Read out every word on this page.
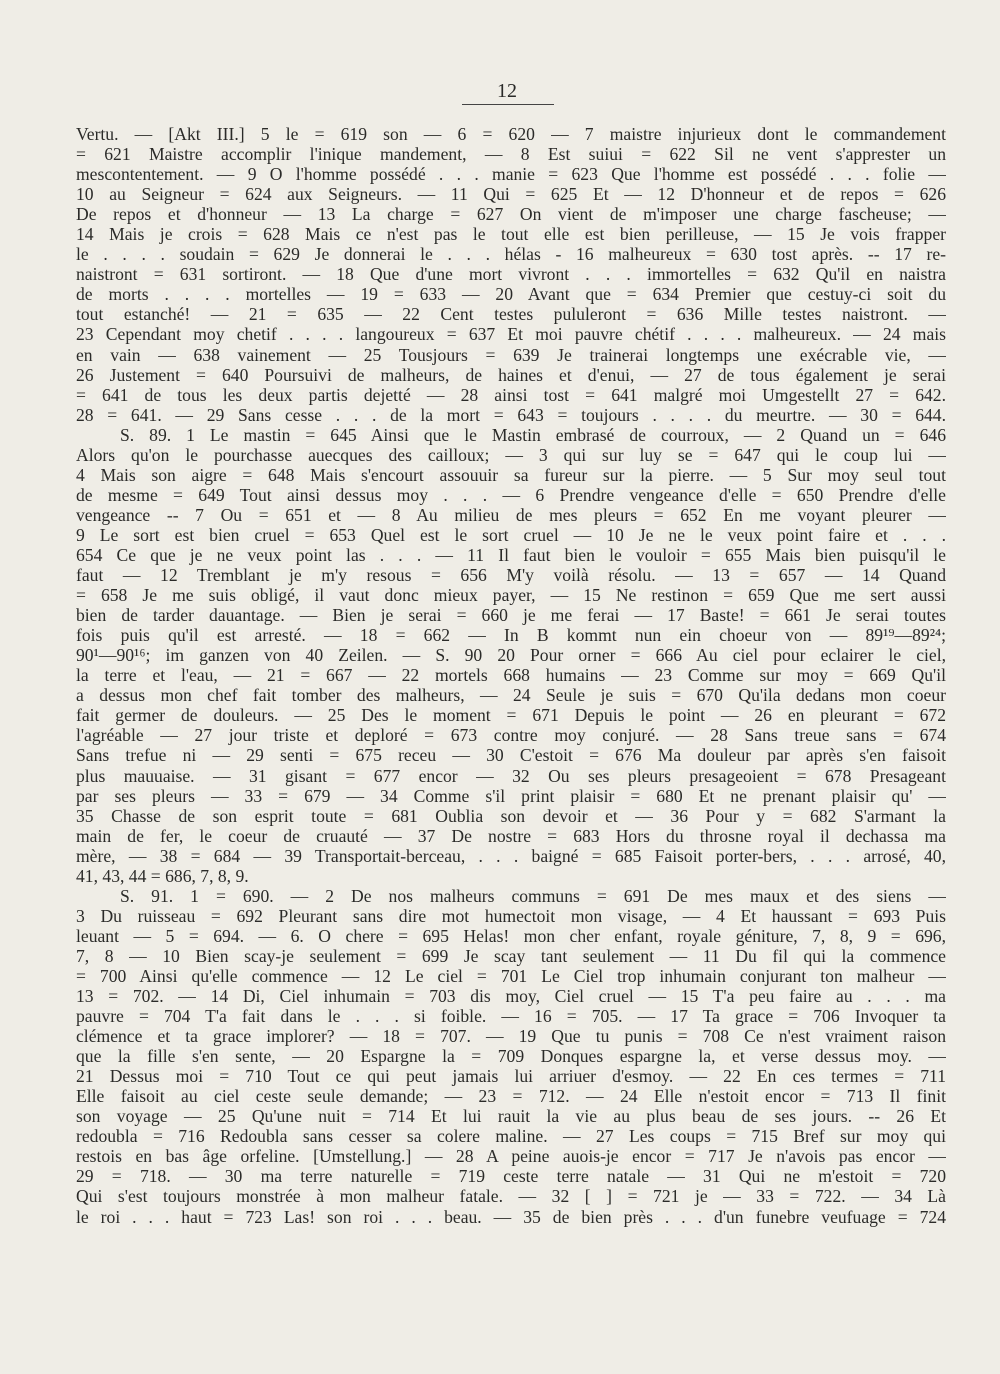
12
Vertu. — [Akt III.] 5 le = 619 son — 6 = 620 — 7 maistre injurieux dont le commandement
= 621 Maistre accomplir l'inique mandement, — 8 Est suiui = 622 Sil ne vent s'apprester un
mescontentement. — 9 O l'homme possédé . . . manie = 623 Que l'homme est possédé . . . folie —
10 au Seigneur = 624 aux Seigneurs. — 11 Qui = 625 Et — 12 D'honneur et de repos = 626
De repos et d'honneur — 13 La charge = 627 On vient de m'imposer une charge fascheuse; —
14 Mais je crois = 628 Mais ce n'est pas le tout elle est bien perilleuse, — 15 Je vois frapper
le . . . . soudain = 629 Je donnerai le . . . hélas - 16 malheureux = 630 tost après. -- 17 re-
naistront = 631 sortiront. — 18 Que d'une mort vivront . . . immortelles = 632 Qu'il en naistra
de morts . . . . mortelles — 19 = 633 — 20 Avant que = 634 Premier que cestuy-ci soit du
tout estanché! — 21 = 635 — 22 Cent testes pululeront = 636 Mille testes naistront. —
23 Cependant moy chetif . . . . langoureux = 637 Et moi pauvre chétif . . . . malheureux. — 24 mais
en vain — 638 vainement — 25 Tousjours = 639 Je trainerai longtemps une exécrable vie, —
26 Justement = 640 Poursuivi de malheurs, de haines et d'enui, — 27 de tous également je serai
= 641 de tous les deux partis dejetté — 28 ainsi tost = 641 malgré moi Umgestellt 27 = 642.
28 = 641. — 29 Sans cesse . . . de la mort = 643 = toujours . . . . du meurtre. — 30 = 644.
S. 89. 1 Le mastin = 645 Ainsi que le Mastin embrasé de courroux, — 2 Quand un = 646
Alors qu'on le pourchasse auecques des cailloux; — 3 qui sur luy se = 647 qui le coup lui —
4 Mais son aigre = 648 Mais s'encourt assouuir sa fureur sur la pierre. — 5 Sur moy seul tout
de mesme = 649 Tout ainsi dessus moy . . . — 6 Prendre vengeance d'elle = 650 Prendre d'elle
vengeance -- 7 Ou = 651 et — 8 Au milieu de mes pleurs = 652 En me voyant pleurer —
9 Le sort est bien cruel = 653 Quel est le sort cruel — 10 Je ne le veux point faire et . . .
654 Ce que je ne veux point las . . . — 11 Il faut bien le vouloir = 655 Mais bien puisqu'il le
faut — 12 Tremblant je m'y resous = 656 M'y voilà résolu. — 13 = 657 — 14 Quand
= 658 Je me suis obligé, il vaut donc mieux payer, — 15 Ne restinon = 659 Que me sert aussi
bien de tarder dauantage. — Bien je serai = 660 je me ferai — 17 Baste! = 661 Je serai toutes
fois puis qu'il est arresté. — 18 = 662 — In B kommt nun ein choeur von — 89¹⁹—89²⁴;
90¹—90¹⁶; im ganzen von 40 Zeilen. — S. 90 20 Pour orner = 666 Au ciel pour eclairer le ciel,
la terre et l'eau, — 21 = 667 — 22 mortels 668 humains — 23 Comme sur moy = 669 Qu'il
a dessus mon chef fait tomber des malheurs, — 24 Seule je suis = 670 Qu'ila dedans mon coeur
fait germer de douleurs. — 25 Des le moment = 671 Depuis le point — 26 en pleurant = 672
l'agréable — 27 jour triste et deploré = 673 contre moy conjuré. — 28 Sans treue sans = 674
Sans trefue ni — 29 senti = 675 receu — 30 C'estoit = 676 Ma douleur par après s'en faisoit
plus mauuaise. — 31 gisant = 677 encor — 32 Ou ses pleurs presageoient = 678 Presageant
par ses pleurs — 33 = 679 — 34 Comme s'il print plaisir = 680 Et ne prenant plaisir qu' —
35 Chasse de son esprit toute = 681 Oublia son devoir et — 36 Pour y = 682 S'armant la
main de fer, le coeur de cruauté — 37 De nostre = 683 Hors du throsne royal il dechassa ma
mère, — 38 = 684 — 39 Transportait-berceau, . . . baigné = 685 Faisoit porter-bers, . . . arrosé, 40,
41, 43, 44 = 686, 7, 8, 9.
S. 91. 1 = 690. — 2 De nos malheurs communs = 691 De mes maux et des siens —
3 Du ruisseau = 692 Pleurant sans dire mot humectoit mon visage, — 4 Et haussant = 693 Puis
leuant — 5 = 694. — 6. O chere = 695 Helas! mon cher enfant, royale géniture, 7, 8, 9 = 696,
7, 8 — 10 Bien scay-je seulement = 699 Je scay tant seulement — 11 Du fil qui la commence
= 700 Ainsi qu'elle commence — 12 Le ciel = 701 Le Ciel trop inhumain conjurant ton malheur —
13 = 702. — 14 Di, Ciel inhumain = 703 dis moy, Ciel cruel — 15 T'a peu faire au . . . ma
pauvre = 704 T'a fait dans le . . . si foible. — 16 = 705. — 17 Ta grace = 706 Invoquer ta
clémence et ta grace implorer? — 18 = 707. — 19 Que tu punis = 708 Ce n'est vraiment raison
que la fille s'en sente, — 20 Espargne la = 709 Donques espargne la, et verse dessus moy. —
21 Dessus moi = 710 Tout ce qui peut jamais lui arriuer d'esmoy. — 22 En ces termes = 711
Elle faisoit au ciel ceste seule demande; — 23 = 712. — 24 Elle n'estoit encor = 713 Il finit
son voyage — 25 Qu'une nuit = 714 Et lui rauit la vie au plus beau de ses jours. -- 26 Et
redoubla = 716 Redoubla sans cesser sa colere maline. — 27 Les coups = 715 Bref sur moy qui
restois en bas âge orfeline. [Umstellung.] — 28 A peine auois-je encor = 717 Je n'avois pas encor —
29 = 718. — 30 ma terre naturelle = 719 ceste terre natale — 31 Qui ne m'estoit = 720
Qui s'est toujours monstrée à mon malheur fatale. — 32 [ ] = 721 je — 33 = 722. — 34 Là
le roi . . . haut = 723 Las! son roi . . . beau. — 35 de bien près . . . d'un funebre veufuage = 724
